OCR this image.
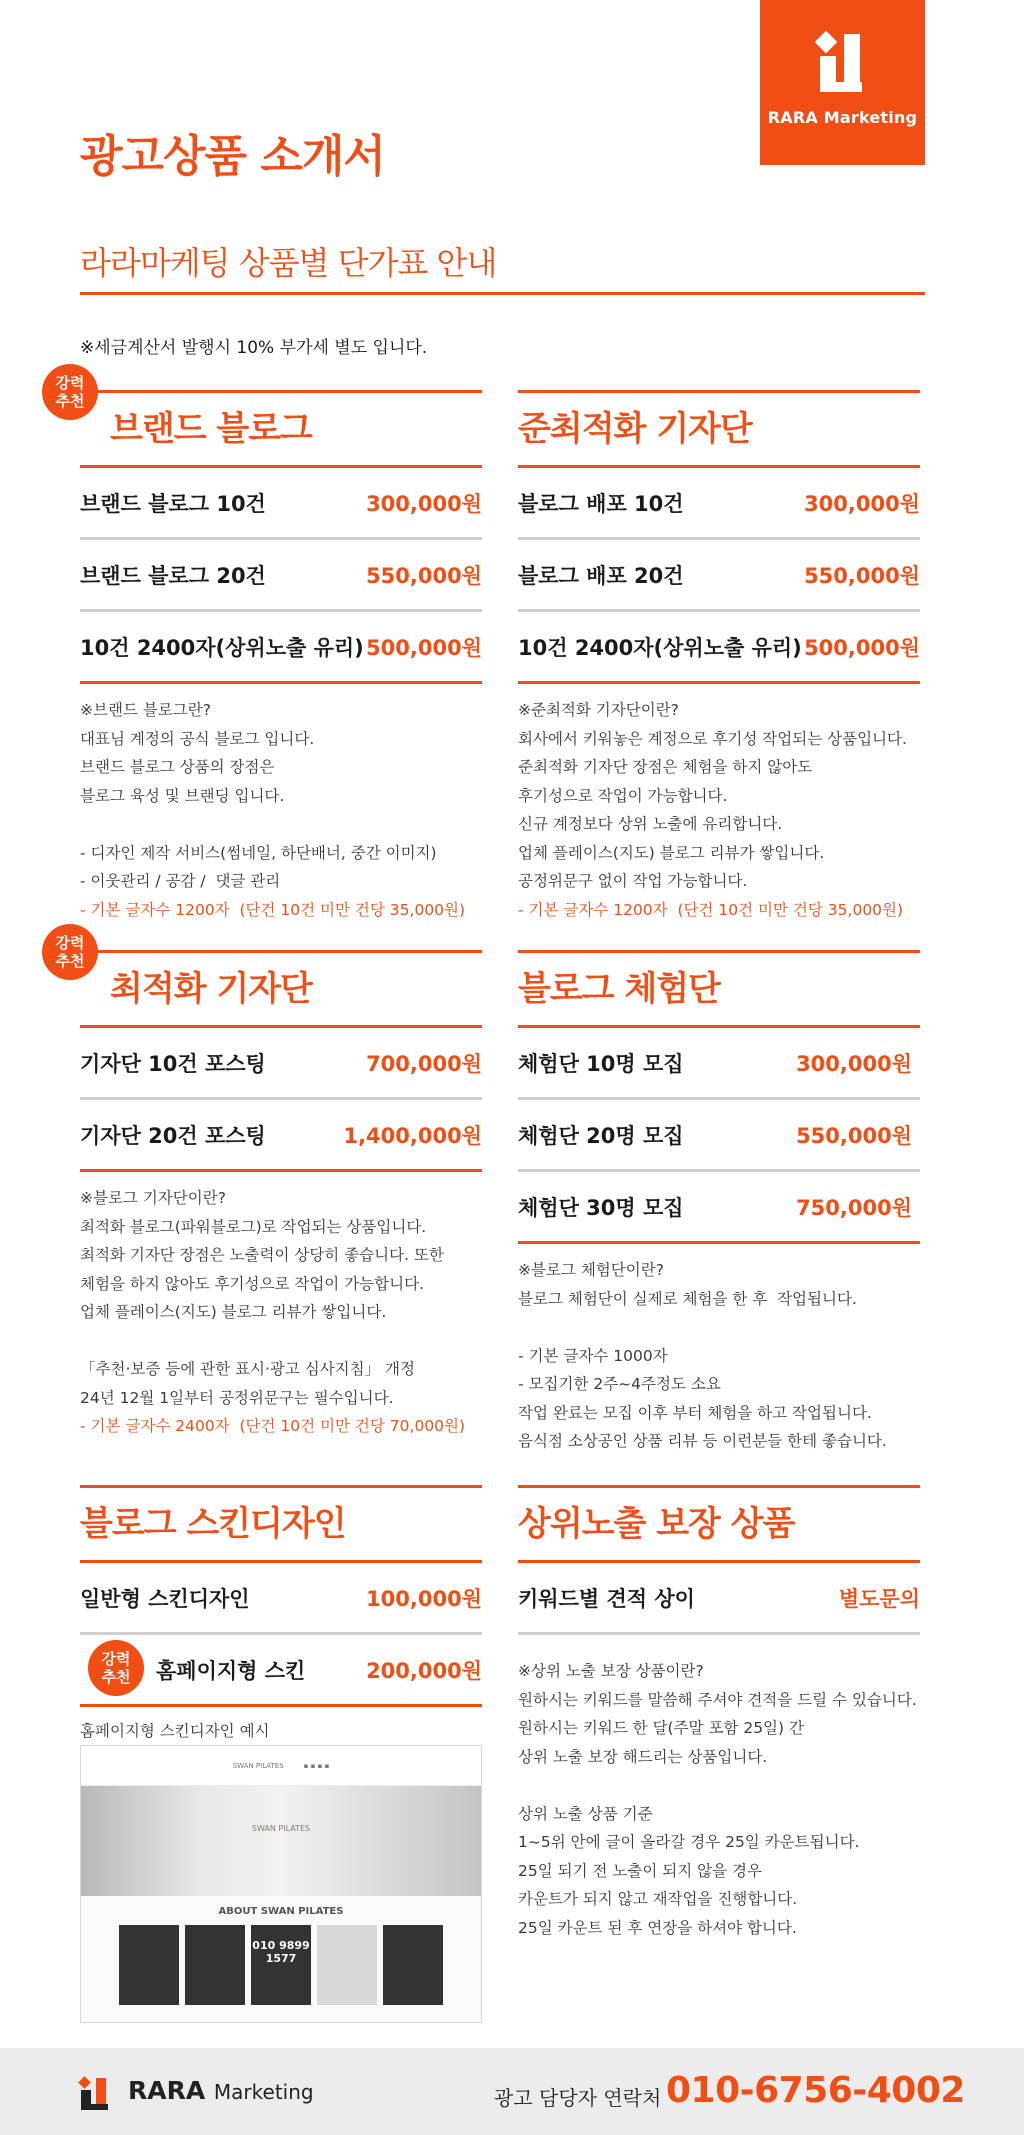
RARA Marketing
광고상품 소개서
라라마케팅 상품별 단가표 안내
※세금계산서 발행시 10% 부가세 별도 입니다.
브랜드 블로그
브랜드 블로그 10건	300,000원
브랜드 블로그 20건	550,000원
10건 2400자(상위노출 유리) 500,000원
※브랜드 블로그란?
대표님 계정의 공식 블로그 입니다.
브랜드 블로그 상품의 장점은
블로그 육성 및 브랜딩 입니다.

- 디자인 제작 서비스(썸네일, 하단배너, 중간 이미지)
- 이웃관리 / 공감 /  댓글 관리
- 기본 글자수 1200자  (단건 10건 미만 건당 35,000원)
강력
추천
준최적화 기자단
블로그 배포 10건	300,000원
블로그 배포 20건	550,000원
10건 2400자(상위노출 유리) 500,000원
※준최적화 기자단이란?
회사에서 키워놓은 계정으로 후기성 작업되는 상품입니다.
준최적화 기자단 장점은 체험을 하지 않아도
후기성으로 작업이 가능합니다.
신규 계정보다 상위 노출에 유리합니다.
업체 플레이스(지도) 블로그 리뷰가 쌓입니다.
공정위문구 없이 작업 가능합니다.
- 기본 글자수 1200자  (단건 10건 미만 건당 35,000원)
최적화 기자단
기자단 10건 포스팅	700,000원
기자단 20건 포스팅	1,400,000원
※블로그 기자단이란?
최적화 블로그(파워블로그)로 작업되는 상품입니다.
최적화 기자단 장점은 노출력이 상당히 좋습니다. 또한
체험을 하지 않아도 후기성으로 작업이 가능합니다.
업체 플레이스(지도) 블로그 리뷰가 쌓입니다.

「추천·보증 등에 관한 표시·광고 심사지침」 개정
24년 12월 1일부터 공정위문구는 필수입니다.
- 기본 글자수 2400자  (단건 10건 미만 건당 70,000원)
강력
추천
블로그 체험단
체험단 10명 모집	300,000원
체험단 20명 모집	550,000원
체험단 30명 모집	750,000원
※블로그 체험단이란?
블로그 체험단이 실제로 체험을 한 후  작업됩니다.

- 기본 글자수 1000자
- 모집기한 2주~4주정도 소요
작업 완료는 모집 이후 부터 체험을 하고 작업됩니다.
음식점 소상공인 상품 리뷰 등 이런분들 한테 좋습니다.
블로그 스킨디자인
일반형 스킨디자인	100,000원
홈페이지형 스킨	200,000원
홈페이지형 스킨디자인 예시
강력
추천
SWAN PILATES	▪ ▪ ▪ ▪
SWAN PILATES
ABOUT SWAN PILATES
010 9899 1577
상위노출 보장 상품
키워드별 견적 상이	별도문의
※상위 노출 보장 상품이란?
원하시는 키워드를 말씀해 주셔야 견적을 드릴 수 있습니다.
원하시는 키워드 한 달(주말 포함 25일) 간
상위 노출 보장 해드리는 상품입니다.

상위 노출 상품 기준
1~5위 안에 글이 올라갈 경우 25일 카운트됩니다.
25일 되기 전 노출이 되지 않을 경우
카운트가 되지 않고 재작업을 진행합니다.
25일 카운트 된 후 연장을 하셔야 합니다.
RARA Marketing	광고 담당자 연락처 010-6756-4002
